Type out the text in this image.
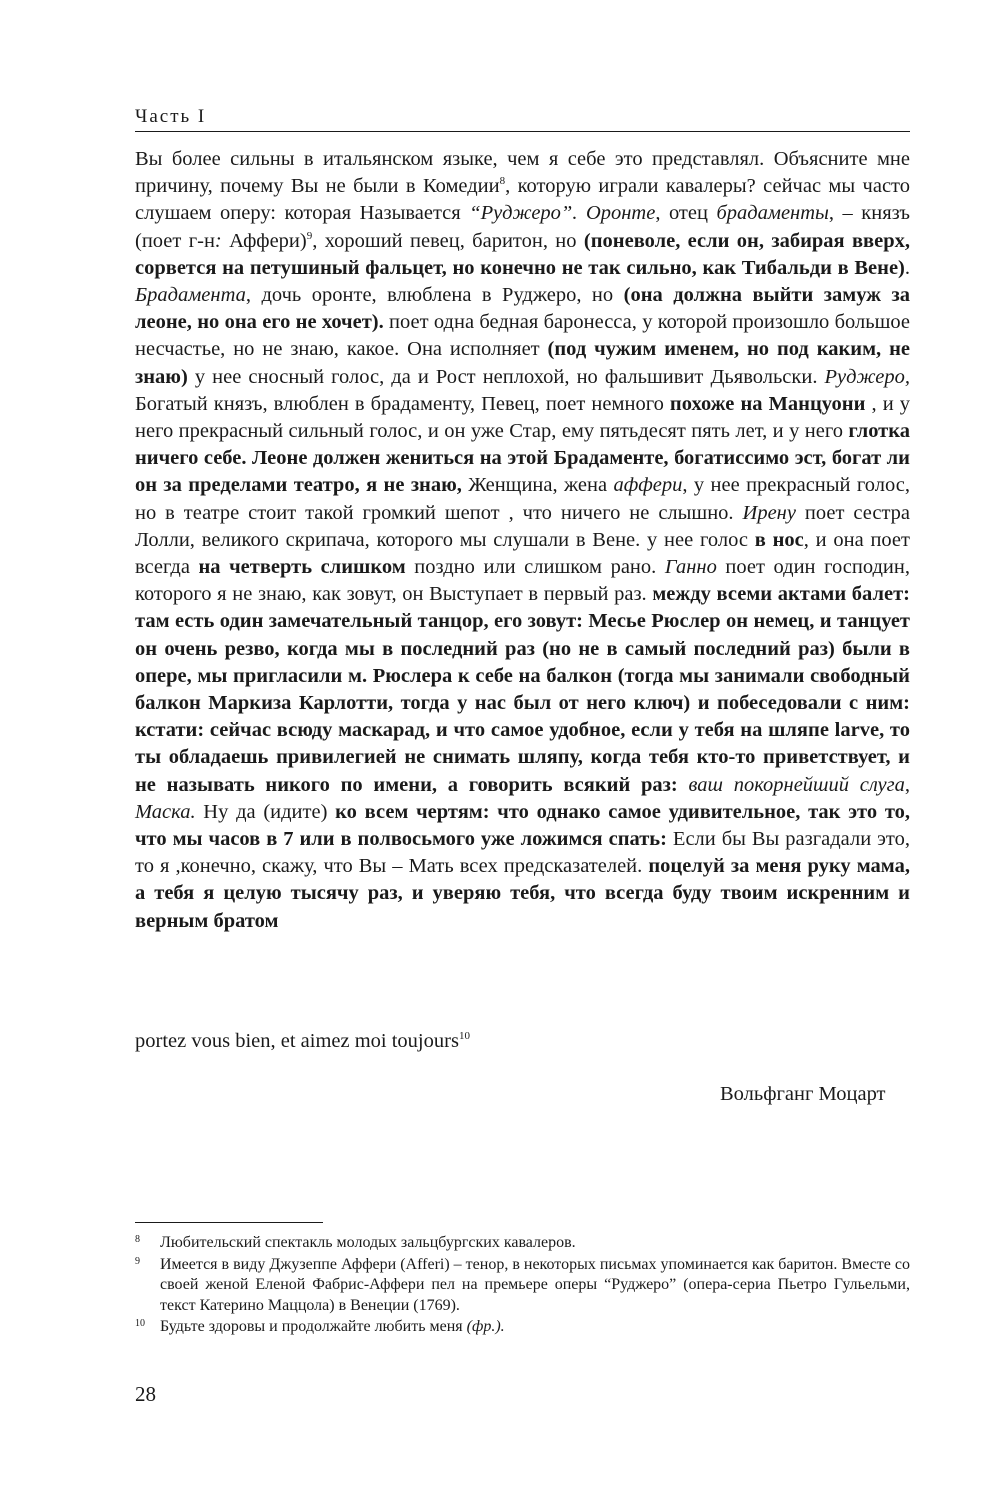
Часть I
Вы более сильны в итальянском языке, чем я себе это представлял. Объясните мне причину, почему Вы не были в Комедии$^8$, которую играли кавалеры? сейчас мы часто слушаем оперу: которая Называется “Руджеро”. Оронте, отец брадаменты, – князъ (поет г-н: Аффери)$^9$, хороший певец, баритон, но (поневоле, если он, забирая вверх, сорвется на петушиный фальцет, но конечно не так сильно, как Тибальди в Вене). Брадамента, дочь оронте, влюблена в Руджеро, но (она должна выйти замуж за леоне, но она его не хочет). поет одна бедная баронесса, у которой произошло большое несчастье, но не знаю, какое. Она исполняет (под чужим именем, но под каким, не знаю) у нее сносный голос, да и Рост неплохой, но фальшивит Дьявольски. Руджеро, Богатый князъ, влюблен в брадаменту, Певец, поет немного похоже на Манцуони , и у него прекрасный сильный голос, и он уже Стар, ему пятьдесят пять лет, и у него глотка ничего себе. Леоне должен жениться на этой Брадаменте, богатиссимо эст, богат ли он за пределами театро, я не знаю, Женщина, жена аффери, у нее прекрасный голос, но в театре стоит такой громкий шепот , что ничего не слышно. Ирену поет сестра Лолли, великого скрипача, которого мы слушали в Вене. у нее голос в нос, и она поет всегда на четверть слишком поздно или слишком рано. Ганно поет один господин, которого я не знаю, как зовут, он Выступает в первый раз. между всеми актами балет: там есть один замечательный танцор, его зовут: Месье Рюслер он немец, и танцует он очень резво, когда мы в последний раз (но не в самый последний раз) были в опере, мы пригласили м. Рюслера к себе на балкон (тогда мы занимали свободный балкон Маркиза Карлотти, тогда у нас был от него ключ) и побеседовали с ним: кстати: сейчас всюду маскарад, и что самое удобное, если у тебя на шляпе larve, то ты обладаешь привилегией не снимать шляпу, когда тебя кто-то приветствует, и не называть никого по имени, а говорить всякий раз: ваш покорнейший слуга, Маска. Ну да (идите) ко всем чертям: что однако самое удивительное, так это то, что мы часов в 7 или в полвосьмого уже ложимся спать: Если бы Вы разгадали это, то я ,конечно, скажу, что Вы – Мать всех предсказателей. поцелуй за меня руку мама, а тебя я целую тысячу раз, и уверяю тебя, что всегда буду твоим искренним и верным братом
portez vous bien, et aimez moi toujours$^{10}$
Вольфганг Моцарт
8 Любительский спектакль молодых зальцбургских кавалеров.
9 Имеется в виду Джузеппе Аффери (Afferi) – тенор, в некоторых письмах упоминается как баритон. Вместе со своей женой Еленой Фабрис-Аффери пел на премьере оперы “Руджеро” (опера-сериа Пьетро Гульельми, текст Катерино Маццола) в Венеции (1769).
10 Будьте здоровы и продолжайте любить меня (фр.).
28
